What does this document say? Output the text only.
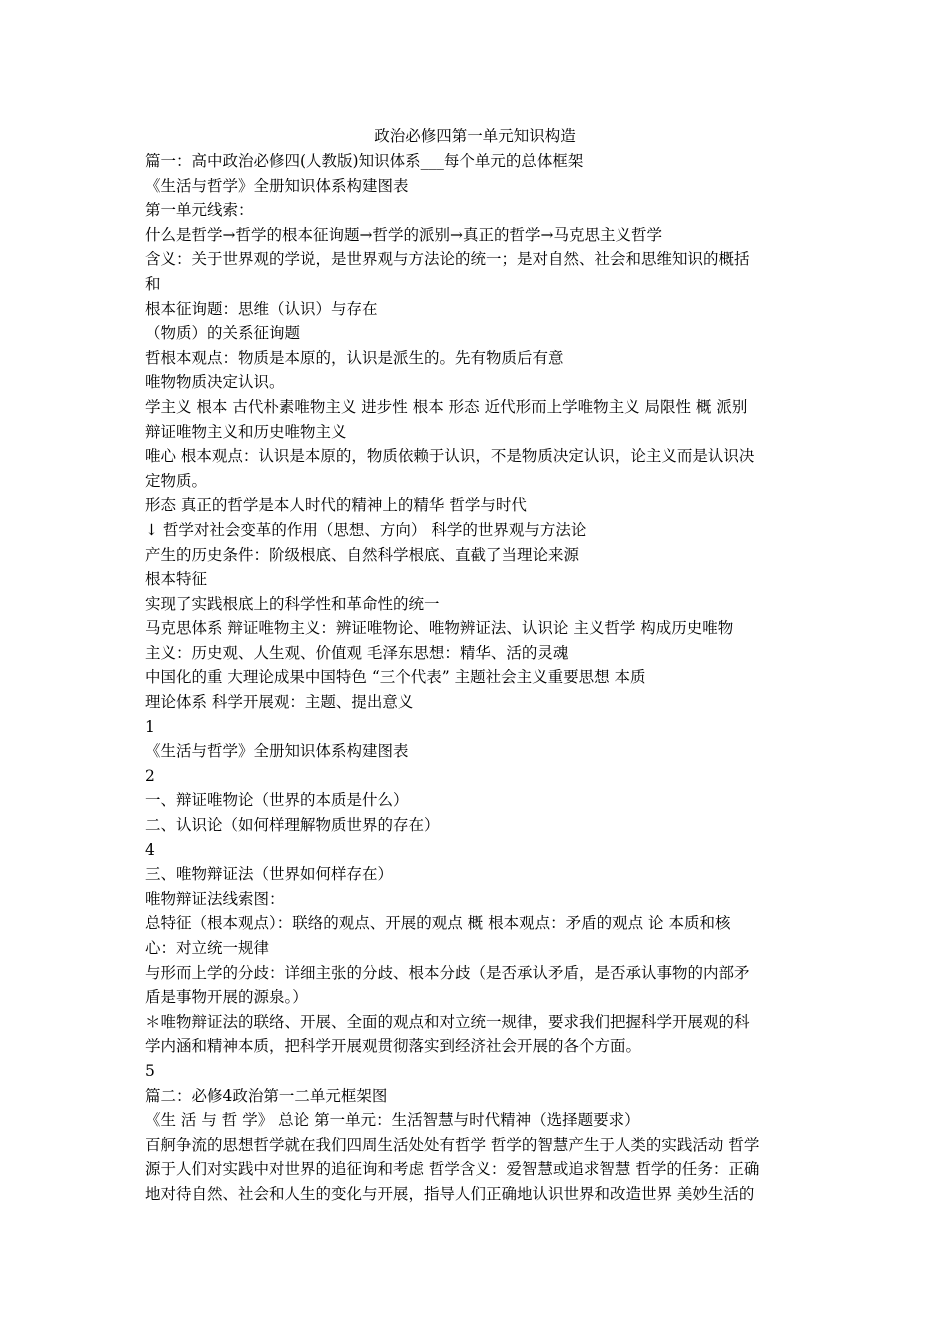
政治必修四第一单元知识构造

篇一：高中政治必修四(人教版)知识体系___每个单元的总体框架

《生活与哲学》全册知识体系构建图表

第一单元线索：

什么是哲学→哲学的根本征询题→哲学的派别→真正的哲学→马克思主义哲学

含义：关于世界观的学说，是世界观与方法论的统一；是对自然、社会和思维知识的概括

和

根本征询题：思维（认识）与存在

（物质）的关系征询题

哲根本观点：物质是本原的，认识是派生的。先有物质后有意

唯物物质决定认识。

学主义 根本 古代朴素唯物主义 进步性 根本 形态 近代形而上学唯物主义 局限性 概 派别

辩证唯物主义和历史唯物主义

唯心 根本观点：认识是本原的，物质依赖于认识，不是物质决定认识，论主义而是认识决

定物质。

形态 真正的哲学是本人时代的精神上的精华 哲学与时代

↓ 哲学对社会变革的作用（思想、方向） 科学的世界观与方法论

产生的历史条件：阶级根底、自然科学根底、直截了当理论来源

根本特征

实现了实践根底上的科学性和革命性的统一

马克思体系 辩证唯物主义：辨证唯物论、唯物辨证法、认识论 主义哲学 构成历史唯物

主义：历史观、人生观、价值观 毛泽东思想：精华、活的灵魂

中国化的重 大理论成果中国特色 “三个代表” 主题社会主义重要思想 本质

理论体系 科学开展观：主题、提出意义

1

《生活与哲学》全册知识体系构建图表

2

一、辩证唯物论（世界的本质是什么）

二、认识论（如何样理解物质世界的存在）

4

三、唯物辩证法（世界如何样存在）

唯物辩证法线索图：

总特征（根本观点）：联络的观点、开展的观点 概 根本观点：矛盾的观点 论 本质和核

心：对立统一规律

与形而上学的分歧：详细主张的分歧、根本分歧（是否承认矛盾，是否承认事物的内部矛

盾是事物开展的源泉。）

＊唯物辩证法的联络、开展、全面的观点和对立统一规律，要求我们把握科学开展观的科

学内涵和精神本质，把科学开展观贯彻落实到经济社会开展的各个方面。

5

篇二：必修4政治第一二单元框架图

《生 活 与 哲 学》 总论 第一单元：生活智慧与时代精神（选择题要求）

百舸争流的思想哲学就在我们四周生活处处有哲学 哲学的智慧产生于人类的实践活动 哲学

源于人们对实践中对世界的追征询和考虑 哲学含义：爱智慧或追求智慧 哲学的任务：正确

地对待自然、社会和人生的变化与开展，指导人们正确地认识世界和改造世界 美妙生活的
